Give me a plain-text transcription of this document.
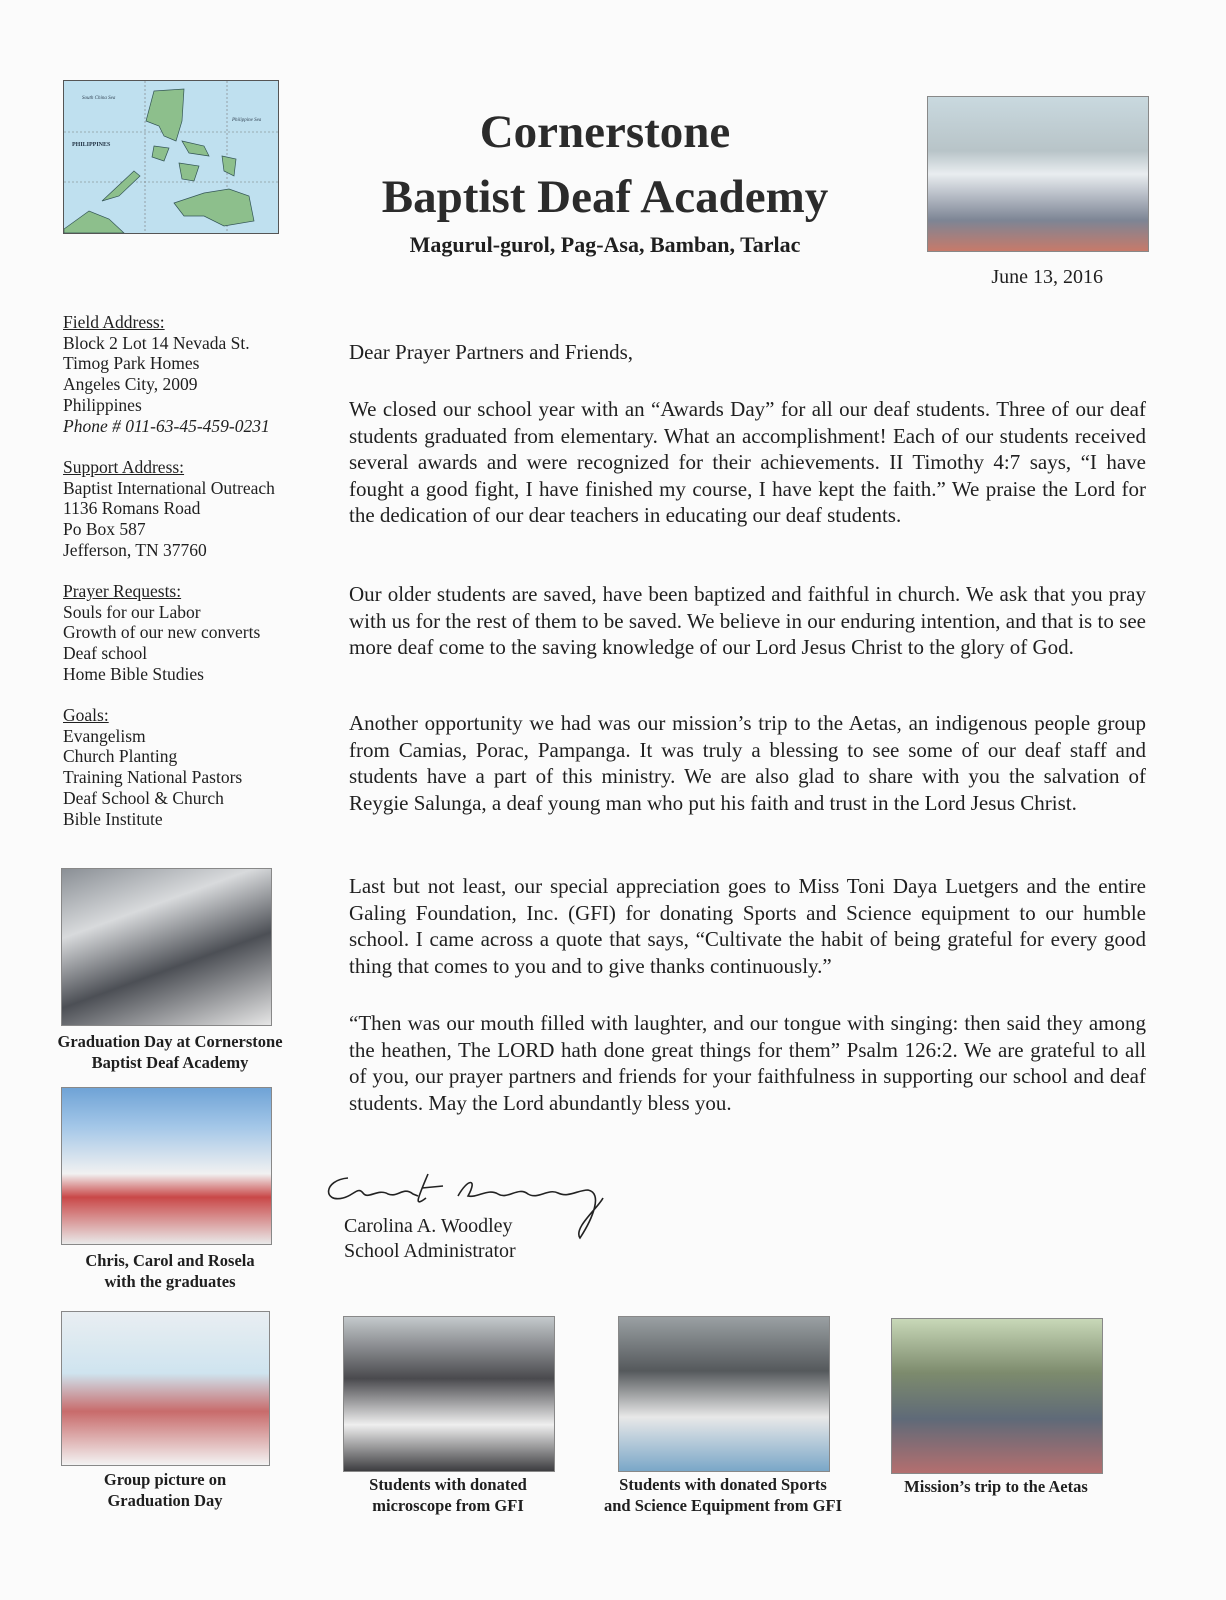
South China Sea
Philippine Sea
PHILIPPINES	Cornerstone
Baptist Deaf Academy
Magurul-gurol, Pag-Asa, Bamban, Tarlac
June 13, 2016
Field Address:
Block 2 Lot 14 Nevada St.
Timog Park Homes
Angeles City, 2009
Philippines
Phone # 011-63-45-459-0231
Support Address:
Baptist International Outreach
1136 Romans Road
Po Box 587
Jefferson, TN 37760
Prayer Requests:
Souls for our Labor
Growth of our new converts
Deaf school
Home Bible Studies
Goals:
Evangelism
Church Planting
Training National Pastors
Deaf School & Church
Bible Institute
Dear Prayer Partners and Friends,
We closed our school year with an “Awards Day” for all our deaf students. Three of our deaf students graduated from elementary. What an accomplishment! Each of our students received several awards and were recognized for their achievements. II Timothy 4:7 says, “I have fought a good fight, I have finished my course, I have kept the faith.” We praise the Lord for the dedication of our dear teachers in educating our deaf students.
Our older students are saved, have been baptized and faithful in church. We ask that you pray with us for the rest of them to be saved. We believe in our enduring intention, and that is to see more deaf come to the saving knowledge of our Lord Jesus Christ to the glory of God.
Another opportunity we had was our mission’s trip to the Aetas, an indigenous people group from Camias, Porac, Pampanga. It was truly a blessing to see some of our deaf staff and students have a part of this ministry. We are also glad to share with you the salvation of Reygie Salunga, a deaf young man who put his faith and trust in the Lord Jesus Christ.
Last but not least, our special appreciation goes to Miss Toni Daya Luetgers and the entire Galing Foundation, Inc. (GFI) for donating Sports and Science equipment to our humble school. I came across a quote that says, “Cultivate the habit of being grateful for every good thing that comes to you and to give thanks continuously.”
“Then was our mouth filled with laughter, and our tongue with singing: then said they among the heathen, The LORD hath done great things for them” Psalm 126:2. We are grateful to all of you, our prayer partners and friends for your faithfulness in supporting our school and deaf students. May the Lord abundantly bless you.
Carolina A. Woodley
School Administrator
Graduation Day at Cornerstone
Baptist Deaf Academy
Chris, Carol and Rosela
with the graduates
Group picture on
Graduation Day
Students with donated
microscope from GFI
Students with donated Sports
and Science Equipment from GFI
Mission’s trip to the Aetas
